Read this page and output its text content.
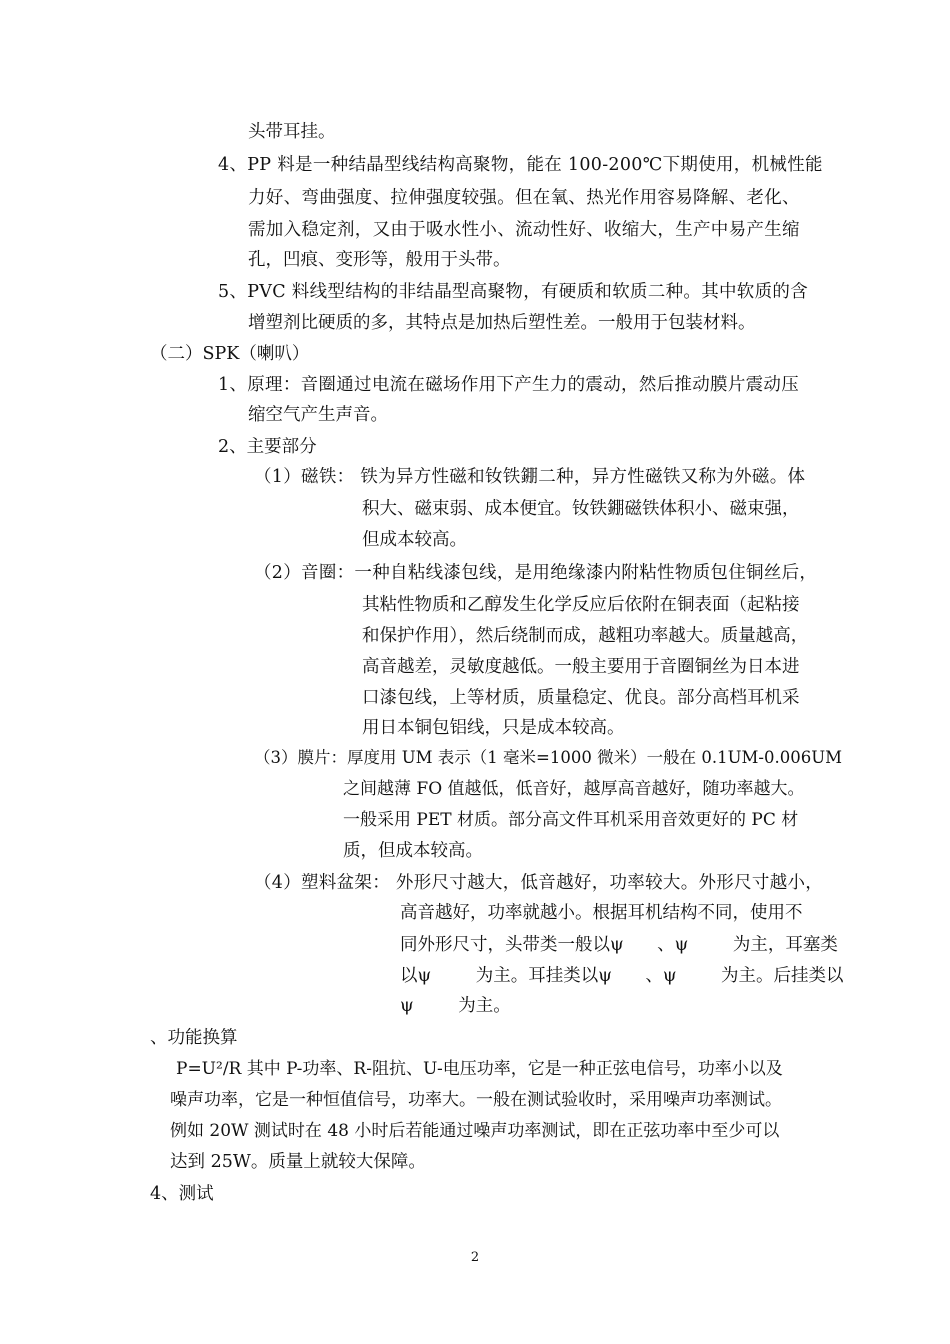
头带耳挂。
4、PP 料是一种结晶型线结构高聚物，能在 100-200℃下期使用，机械性能
力好、弯曲强度、拉伸强度较强。但在氧、热光作用容易降解、老化、
需加入稳定剂，又由于吸水性小、流动性好、收缩大，生产中易产生缩
孔，凹痕、变形等，般用于头带。
5、PVC 料线型结构的非结晶型高聚物，有硬质和软质二种。其中软质的含
增塑剂比硬质的多，其特点是加热后塑性差。一般用于包装材料。
（二）SPK（喇叭）
1、原理：音圈通过电流在磁场作用下产生力的震动，然后推动膜片震动压
缩空气产生声音。
2、主要部分
（1）磁铁： 铁为异方性磁和钕铁錋二种，异方性磁铁又称为外磁。体
积大、磁束弱、成本便宜。钕铁錋磁铁体积小、磁束强，
但成本较高。
（2）音圈：一种自粘线漆包线，是用绝缘漆内附粘性物质包住铜丝后，
其粘性物质和乙醇发生化学反应后依附在铜表面（起粘接
和保护作用），然后绕制而成，越粗功率越大。质量越高，
高音越差，灵敏度越低。一般主要用于音圈铜丝为日本进
口漆包线，上等材质，质量稳定、优良。部分高档耳机采
用日本铜包铝线，只是成本较高。
（3）膜片：厚度用 UM 表示（1 毫米=1000 微米）一般在 0.1UM-0.006UM
之间越薄 FO 值越低，低音好，越厚高音越好，随功率越大。
一般采用 PET 材质。部分高文件耳机采用音效更好的 PC 材
质，但成本较高。
（4）塑料盆架： 外形尺寸越大，低音越好，功率较大。外形尺寸越小，
高音越好，功率就越小。根据耳机结构不同，使用不
同外形尺寸，头带类一般以ψ      、ψ        为主，耳塞类
以ψ        为主。耳挂类以ψ      、ψ        为主。后挂类以
ψ        为主。
、功能换算
P=U²/R 其中 P-功率、R-阻抗、U-电压功率，它是一种正弦电信号，功率小以及
噪声功率，它是一种恒值信号，功率大。一般在测试验收时，采用噪声功率测试。
例如 20W 测试时在 48 小时后若能通过噪声功率测试，即在正弦功率中至少可以
达到 25W。质量上就较大保障。
4、测试
2
